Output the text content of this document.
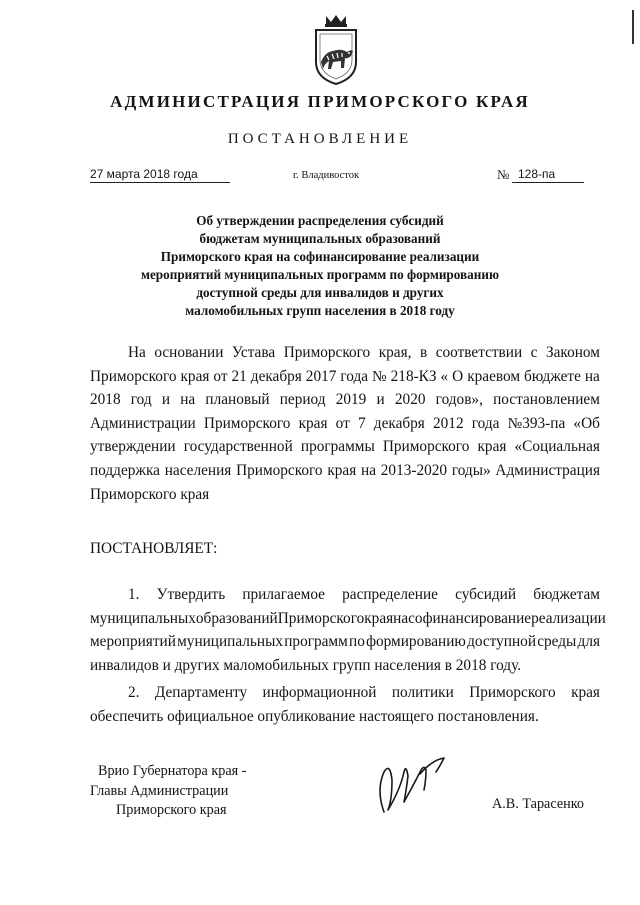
АДМИНИСТРАЦИЯ ПРИМОРСКОГО КРАЯ
ПОСТАНОВЛЕНИЕ
27 марта 2018 года	г. Владивосток	№ 128-па
Об утверждении распределения субсидий
бюджетам муниципальных образований
Приморского края на софинансирование реализации
мероприятий муниципальных программ по формированию
доступной среды для инвалидов и других
маломобильных групп населения в 2018 году
На основании Устава Приморского края, в соответствии с Законом
Приморского края от 21 декабря 2017 года № 218-КЗ « О краевом бюджете на
2018 год и на плановый период 2019 и 2020 годов», постановлением
Администрации Приморского края от 7 декабря 2012 года №393-па «Об
утверждении государственной программы Приморского края «Социальная
поддержка населения Приморского края на 2013-2020 годы» Администрация
Приморского края
ПОСТАНОВЛЯЕТ:
1. Утвердить прилагаемое распределение субсидий бюджетам
муниципальных образований Приморского края на софинансирование реализации
мероприятий муниципальных программ по формированию доступной среды для
инвалидов и других маломобильных групп населения в 2018 году.
2. Департаменту информационной политики Приморского края
обеспечить официальное опубликование настоящего постановления.
Врио Губернатора края -
Главы Администрации
Приморского края	А.В. Тарасенко
